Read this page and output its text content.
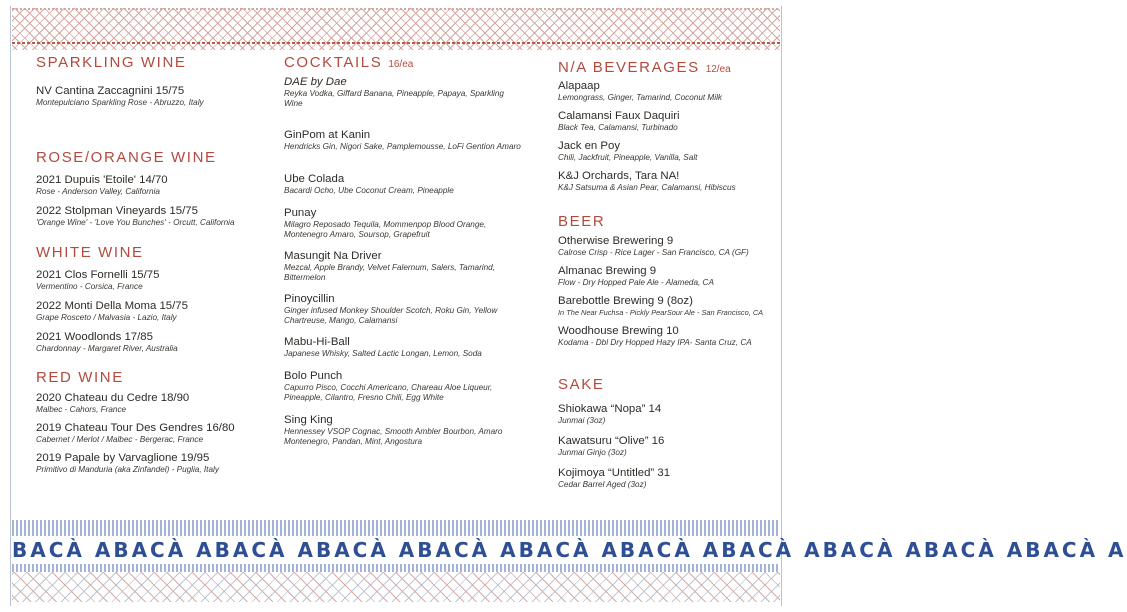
BACÀ ABACÀ ABACÀ ABACÀ ABACÀ ABACÀ ABACÀ ABACÀ ABACÀ ABACÀ ABACÀ A
SPARKLING WINE
NV Cantina Zaccagnini 15/75
Montepulciano Sparkling Rose - Abruzzo, Italy
ROSE/ORANGE WINE
2021 Dupuis 'Etoile' 14/70
Rose - Anderson Valley, California
2022 Stolpman Vineyards 15/75
'Orange Wine' - 'Love You Bunches' - Orcutt, California
WHITE WINE
2021 Clos Fornelli 15/75
Vermentino - Corsica, France
2022 Monti Della Moma 15/75
Grape Rosceto / Malvasia - Lazio, Italy
2021 Woodlonds 17/85
Chardonnay - Margaret River, Australia
RED WINE
2020 Chateau du Cedre 18/90
Malbec - Cahors, France
2019 Chateau Tour Des Gendres 16/80
Cabernet / Merlot / Malbec - Bergerac, France
2019 Papale by Varvaglione 19/95
Primitivo di Manduria (aka Zinfandel) - Puglia, Italy
COCKTAILS 16/ea
DAE by Dae
Reyka Vodka, Giffard Banana, Pineapple, Papaya, Sparkling Wine
GinPom at Kanin
Hendricks Gin, Nigori Sake, Pamplemousse, LoFi Gention Amaro
Ube Colada
Bacardi Ocho, Ube Coconut Cream, Pineapple
Punay
Milagro Reposado Tequila, Mommenpop Blood Orange, Montenegro Amaro, Soursop, Grapefruit
Masungit Na Driver
Mezcal, Apple Brandy, Velvet Falernum, Salers, Tamarind, Bittermelon
Pinoycillin
Ginger infused Monkey Shoulder Scotch, Roku Gin, Yellow Chartreuse, Mango, Calamansi
Mabu-Hi-Ball
Japanese Whisky, Salted Lactic Longan, Lemon, Soda
Bolo Punch
Capurro Pisco, Cocchi Americano, Chareau Aloe Liqueur, Pineapple, Cilantro, Fresno Chili, Egg White
Sing King
Hennessey VSOP Cognac, Smooth Ambler Bourbon, Amaro Montenegro, Pandan, Mint, Angostura
N/A BEVERAGES 12/ea
Alapaap
Lemongrass, Ginger, Tamarind, Coconut Milk
Calamansi Faux Daquiri
Black Tea, Calamansi, Turbinado
Jack en Poy
Chili, Jackfruit, Pineapple, Vanilla, Salt
K&J Orchards, Tara NA!
K&J Satsuma & Asian Pear, Calamansi, Hibiscus
BEER
Otherwise Brewering 9
Calrose Crisp - Rice Lager - San Francisco, CA (GF)
Almanac Brewing 9
Flow - Dry Hopped Pale Ale - Alameda, CA
Barebottle Brewing 9 (8oz)
In The Near Fuchsa - Pickly PearSour Ale - San Francisco, CA
Woodhouse Brewing 10
Kodama - Dbl Dry Hopped Hazy IPA- Santa Cruz, CA
SAKE
Shiokawa “Nopa” 14
Junmai (3oz)
Kawatsuru “Olive” 16
Junmai Ginjo (3oz)
Kojimoya “Untitled” 31
Cedar Barrel Aged (3oz)
